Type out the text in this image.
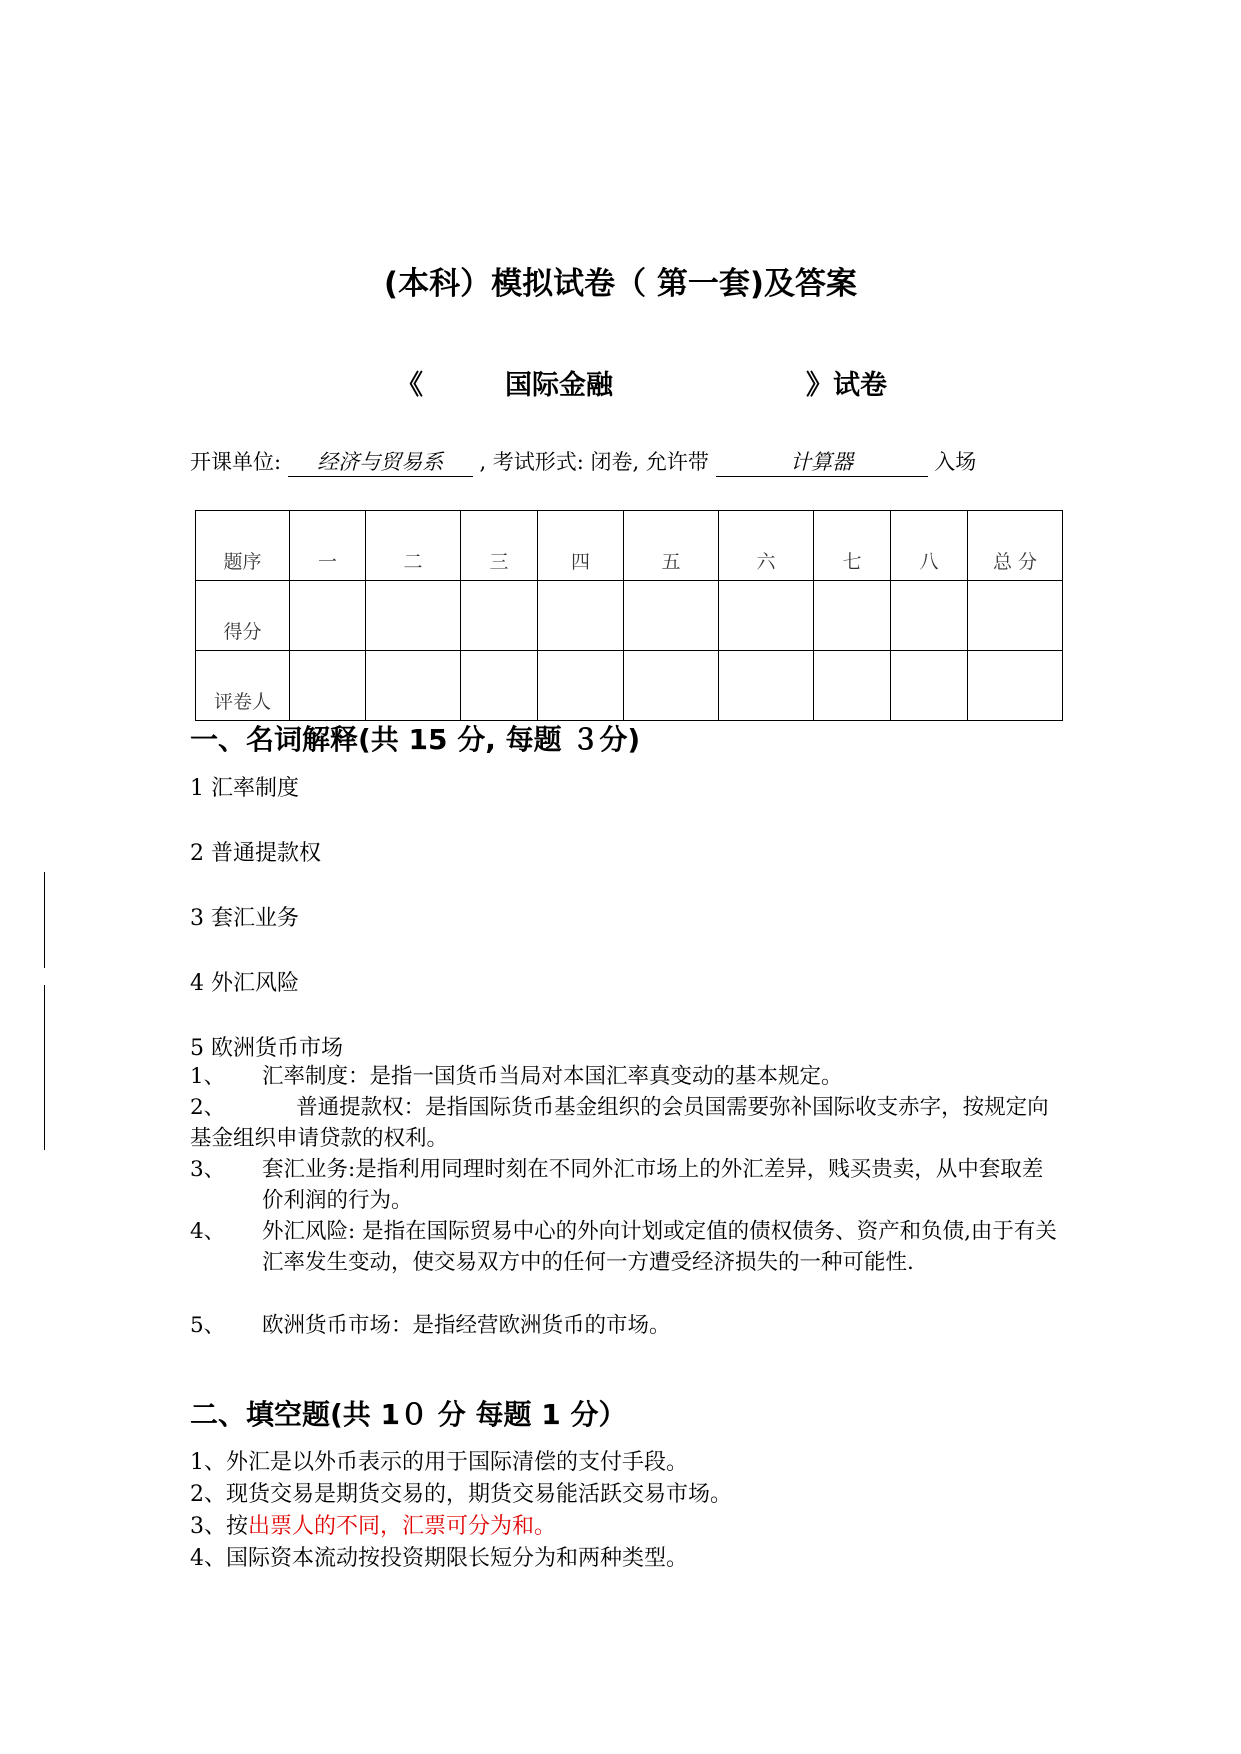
(本科）模拟试卷（ 第一套)及答案
《	国际金融	》试卷
开课单位: 经济与贸易系 , 考试形式: 闭卷, 允许带	计算器	入场
题序	一	二	三	四	五	六	七	八	总 分
得分									
评卷人									
一、名词解释(共 15 分, 每题 ３分)
1 汇率制度
2 普通提款权
3 套汇业务
4 外汇风险
5 欧洲货币市场
1、	汇率制度：是指一国货币当局对本国汇率真变动的基本规定。
2、	普通提款权：是指国际货币基金组织的会员国需要弥补国际收支赤字，按规定向基金组织申请贷款的权利。
3、	套汇业务:是指利用同理时刻在不同外汇市场上的外汇差异，贱买贵卖，从中套取差价利润的行为。
4、	外汇风险: 是指在国际贸易中心的外向计划或定值的债权债务、资产和负债,由于有关汇率发生变动，使交易双方中的任何一方遭受经济损失的一种可能性.
5、	欧洲货币市场：是指经营欧洲货币的市场。
二、填空题(共 1０ 分 每题 1 分）
1、外汇是以外币表示的用于国际清偿的支付手段。
2、现货交易是期货交易的，期货交易能活跃交易市场。
3、按出票人的不同，汇票可分为和。
4、国际资本流动按投资期限长短分为和两种类型。
